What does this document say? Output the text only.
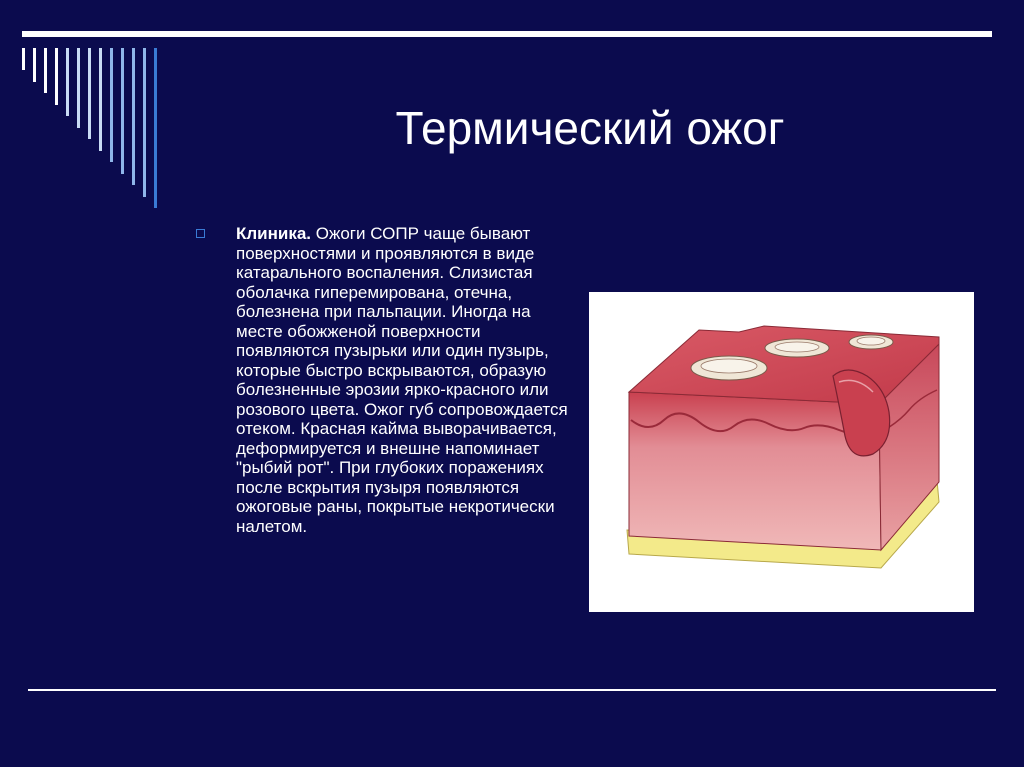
Термический ожог
Клиника. Ожоги СОПР чаще бывают поверхностями и проявляются в виде катарального воспаления. Слизистая оболачка гиперемирована, отечна, болезнена при пальпации. Иногда на месте обожженой поверхности появляются пузырьки или один пузырь, которые быстро вскрываются, образую болезненные эрозии ярко-красного или розового цвета. Ожог губ сопровождается отеком. Красная кайма выворачивается, деформируется и внешне напоминает "рыбий рот". При глубоких поражениях после вскрытия пузыря появляются ожоговые раны, покрытые некротически налетом.
